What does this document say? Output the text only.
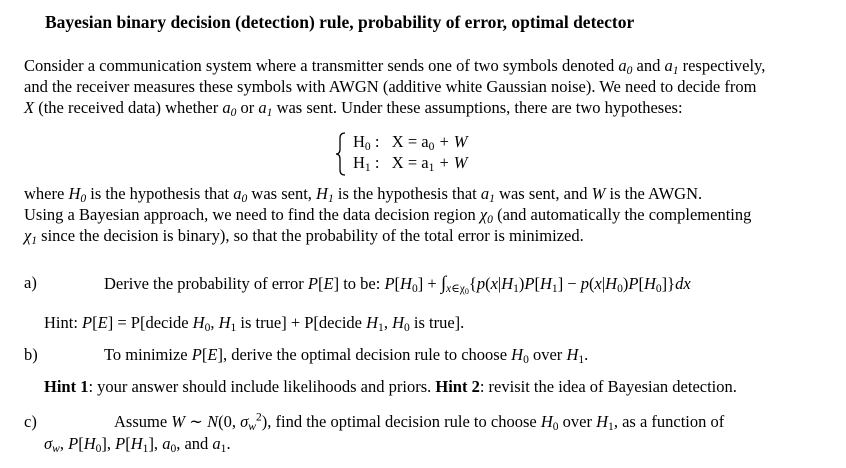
Bayesian binary decision (detection) rule, probability of error, optimal detector
Consider a communication system where a transmitter sends one of two symbols denoted $a_0$ and $a_1$ respectively,
and the receiver measures these symbols with AWGN (additive white Gaussian noise). We need to decide from
X (the received data) whether $a_0$ or $a_1$ was sent. Under these assumptions, there are two hypotheses:
$H_0$ :   $X = a_0 + W$
$H_1$ :   $X = a_1 + W$
where $H_0$ is the hypothesis that $a_0$ was sent, $H_1$ is the hypothesis that $a_1$ was sent, and W is the AWGN.
Using a Bayesian approach, we need to find the data decision region $\chi_0$ (and automatically the complementing
$\chi_1$ since the decision is binary), so that the probability of the total error is minimized.
a)	Derive the probability of error P[E] to be: $P[H_0] + \int_{x\in\chi_0}\{p(x|H_1)P[H_1] - p(x|H_0)P[H_0]\}dx$
Hint: P[E] = P[decide $H_0$, $H_1$ is true] + P[decide $H_1$, $H_0$ is true].
b)	To minimize P[E], derive the optimal decision rule to choose $H_0$ over $H_1$.
Hint 1: your answer should include likelihoods and priors. Hint 2: revisit the idea of Bayesian detection.
c)	Assume W ∼ N(0, $\sigma_w^2$), find the optimal decision rule to choose $H_0$ over $H_1$, as a function of
$\sigma_w$, $P[H_0]$, $P[H_1]$, $a_0$, and $a_1$.
